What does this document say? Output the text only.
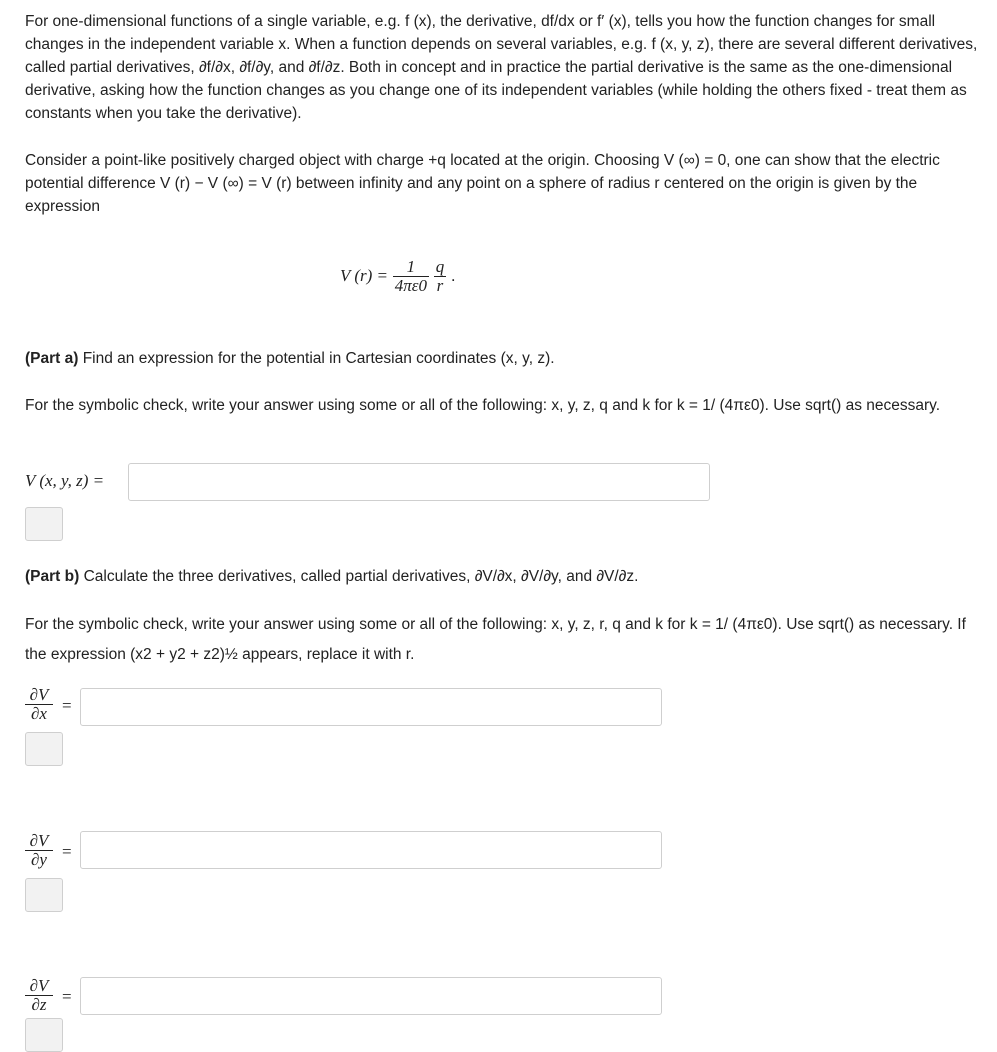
For one-dimensional functions of a single variable, e.g. f (x), the derivative, df/dx or f′ (x), tells you how the function changes for small changes in the independent variable x. When a function depends on several variables, e.g. f (x, y, z), there are several different derivatives, called partial derivatives, ∂f/∂x, ∂f/∂y, and ∂f/∂z. Both in concept and in practice the partial derivative is the same as the one-dimensional derivative, asking how the function changes as you change one of its independent variables (while holding the others fixed - treat them as constants when you take the derivative).
Consider a point-like positively charged object with charge +q located at the origin. Choosing V (∞) = 0, one can show that the electric potential difference V (r) − V (∞) = V (r) between infinity and any point on a sphere of radius r centered on the origin is given by the expression
V $(r) = \frac{1}{4\pi\varepsilon 0}$
$\frac{q}{r}$ .
(Part a) Find an expression for the potential in Cartesian coordinates (x, y, z).
For the symbolic check, write your answer using some or all of the following: x, y, z, q and k for k = 1/ (4πε0). Use sqrt() as necessary.
V (x, y, z) =
(Part b) Calculate the three derivatives, called partial derivatives, ∂V/∂x, ∂V/∂y, and ∂V/∂z.
For the symbolic check, write your answer using some or all of the following: x, y, z, r, q and k for k = 1/ (4πε0). Use sqrt() as necessary. If the expression (x2 + y2 + z2)½ appears, replace it with r.
$\frac{\partial V}{\partial x}$ =
$\frac{\partial V}{\partial y}$ =
$\frac{\partial V}{\partial z}$ =
